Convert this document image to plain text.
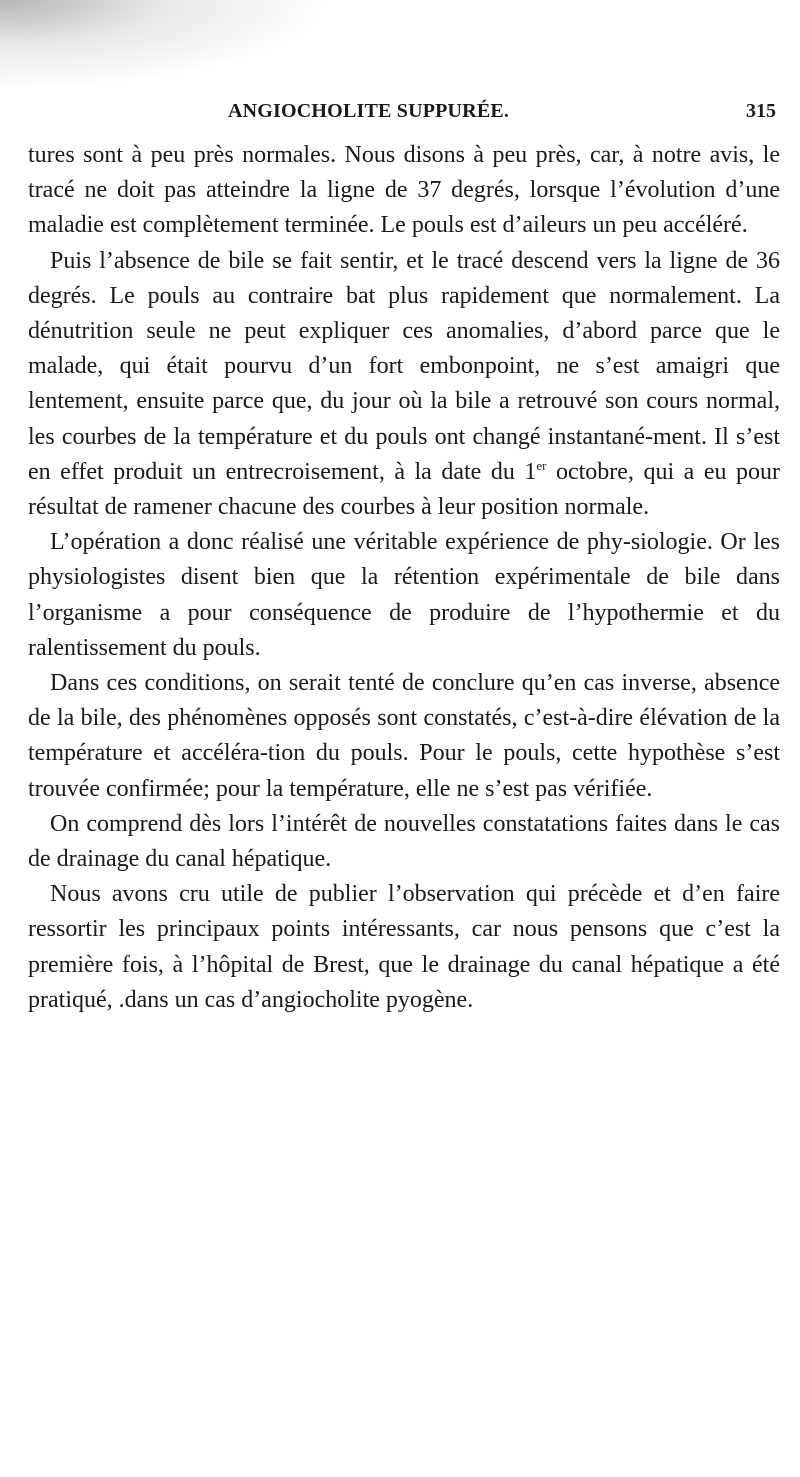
ANGIOCHOLITE SUPPURÉE.	315

tures sont à peu près normales. Nous disons à peu près, car, à notre avis, le tracé ne doit pas atteindre la ligne de 37 degrés, lorsque l’évolution d’une maladie est complètement terminée. Le pouls est d’aileurs un peu accéléré.

Puis l’absence de bile se fait sentir, et le tracé descend vers la ligne de 36 degrés. Le pouls au contraire bat plus rapidement que normalement. La dénutrition seule ne peut expliquer ces anomalies, d’abord parce que le malade, qui était pourvu d’un fort embonpoint, ne s’est amaigri que lentement, ensuite parce que, du jour où la bile a retrouvé son cours normal, les courbes de la température et du pouls ont changé instantané-ment. Il s’est en effet produit un entrecroisement, à la date du 1er octobre, qui a eu pour résultat de ramener chacune des courbes à leur position normale.

L’opération a donc réalisé une véritable expérience de phy-siologie. Or les physiologistes disent bien que la rétention expérimentale de bile dans l’organisme a pour conséquence de produire de l’hypothermie et du ralentissement du pouls.

Dans ces conditions, on serait tenté de conclure qu’en cas inverse, absence de la bile, des phénomènes opposés sont constatés, c’est-à-dire élévation de la température et accéléra-tion du pouls. Pour le pouls, cette hypothèse s’est trouvée confirmée; pour la température, elle ne s’est pas vérifiée.

On comprend dès lors l’intérêt de nouvelles constatations faites dans le cas de drainage du canal hépatique.

Nous avons cru utile de publier l’observation qui précède et d’en faire ressortir les principaux points intéressants, car nous pensons que c’est la première fois, à l’hôpital de Brest, que le drainage du canal hépatique a été pratiqué, .dans un cas d’angiocholite pyogène.
